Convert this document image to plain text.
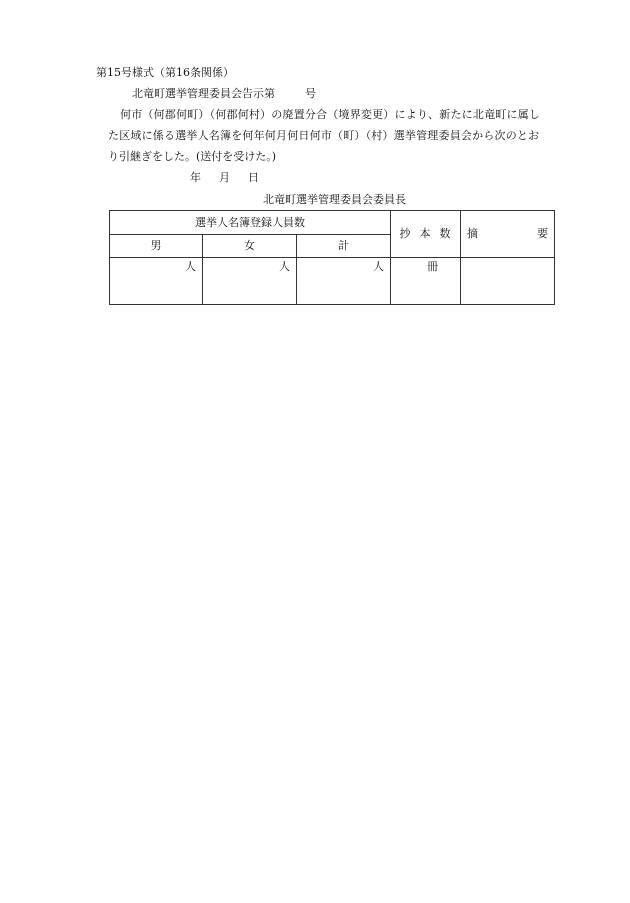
第15号様式（第16条関係）
北竜町選挙管理委員会告示第	号
何市（何郡何町）（何郡何村）の廃置分合（境界変更）により、新たに北竜町に属し
た区域に係る選挙人名簿を何年何月何日何市（町）（村）選挙管理委員会から次のとお
り引継ぎをした。(送付を受けた。)
年 月 日
北竜町選挙管理委員会委員長
選挙人名簿登録人員数			抄本数	摘 要

男	女	計		
人	人	人	冊	
